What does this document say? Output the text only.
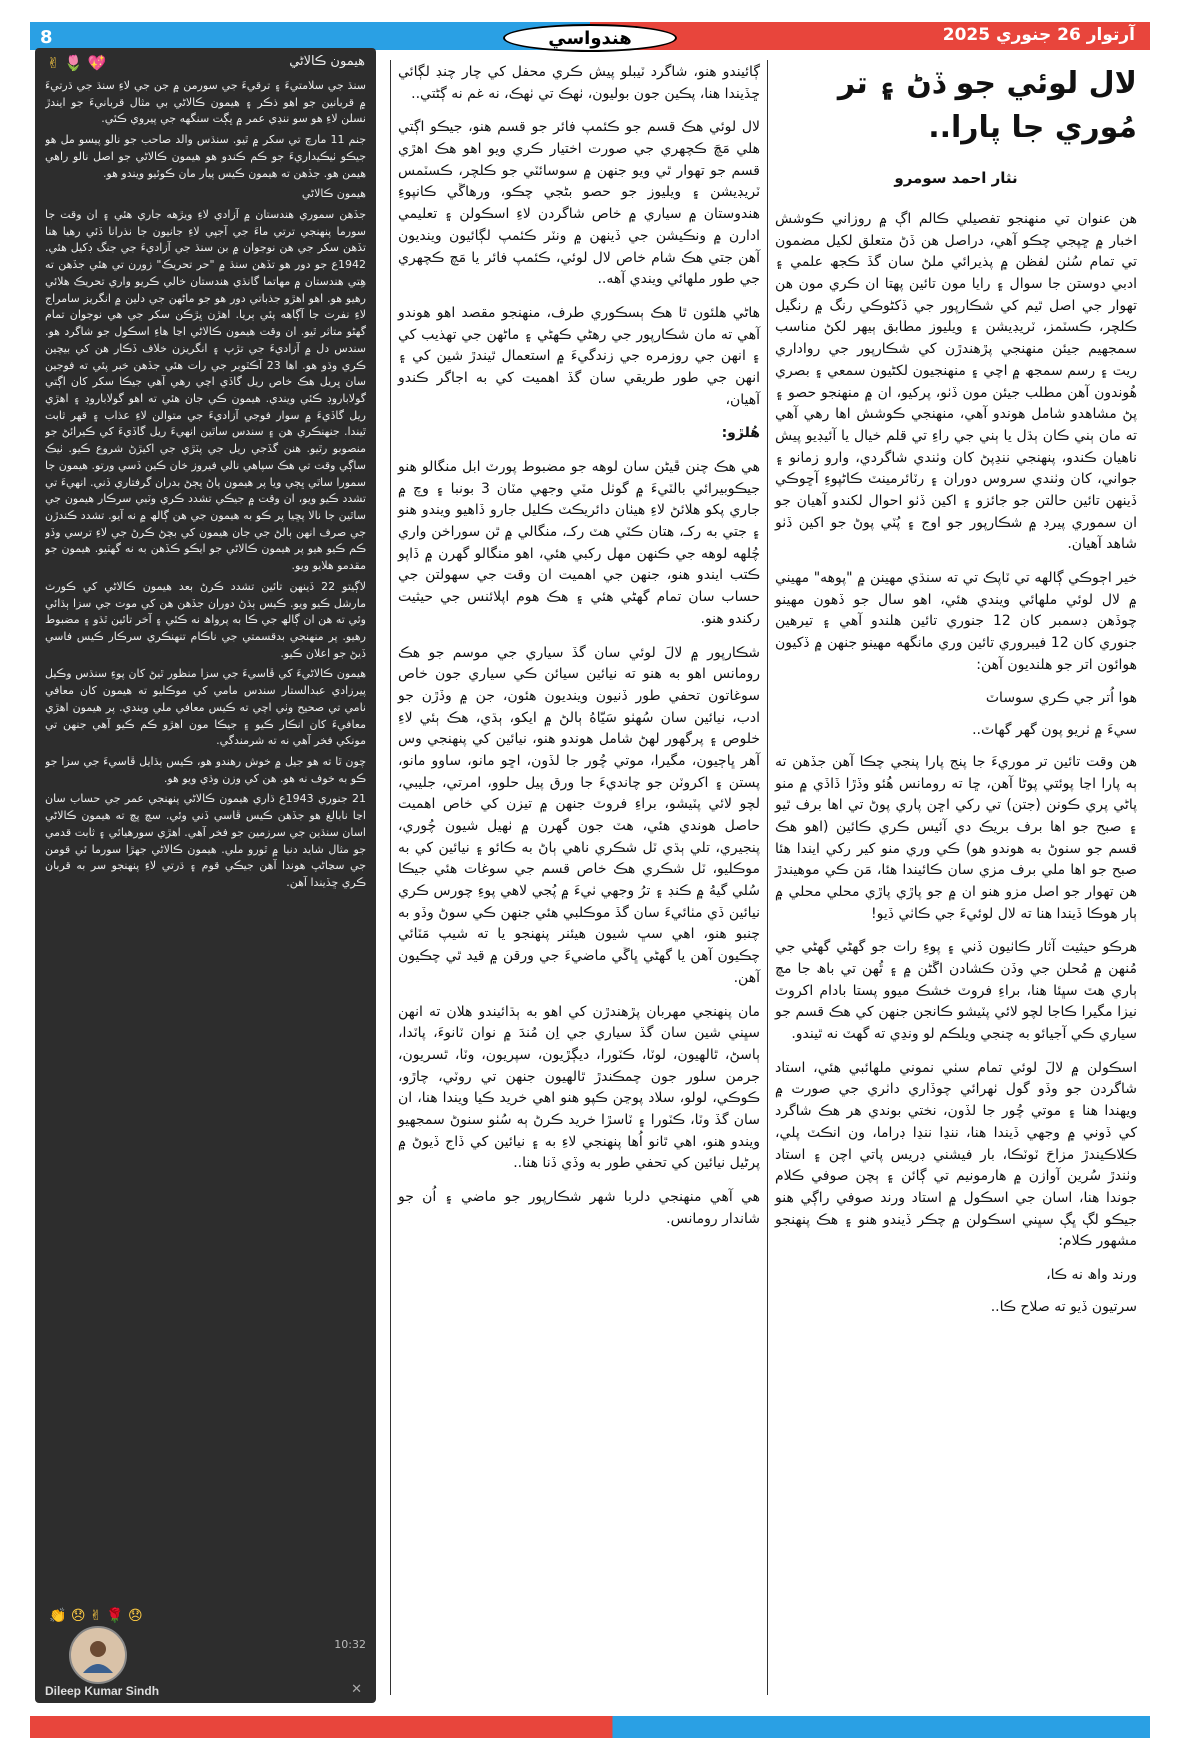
8	هندواسي	آرتوار 26 جنوري 2025
هيمون ڪالاڻي
✌ 🌷 💖

سنڌ جي سلامتيءَ ۽ ترقيءَ جي سورمن ۾ جن جي لاءِ سنڌ جي ڌرتيءَ ۾ قربانين جو اهو ذڪر ۽ هيمون ڪالاڻي بي مثال قربانيءَ جو ايندڙ نسلن لاءِ هو سو ننڍي عمر ۾ ڀڳت سنگهه جي پيروي ڪئي.

جنم 11 مارچ تي سکر ۾ ٿيو. سنڌس والد صاحب جو نالو پيسو مل هو جيڪو ٺيڪيداريءَ جو ڪم ڪندو هو هيمون ڪالاڻي جو اصل نالو راهي هيمن هو. جڏهن ته هيمون ڪيس پيار مان ڪوئيو ويندو هو.

هيمون ڪالاڻي

جڏهن سموري هندستان ۾ آزادي لاءِ ويڙهه جاري هئي ۽ ان وقت جا سورما پنهنجي ترتي ماءَ جي آجپي لاءِ جانيون جا نذرانا ڏئي رهيا هنا تڏهن سکر جي هن نوجوان ۾ بن سنڌ جي آزاديءَ جي جنگ ڊکيل هئي. 1942ع جو دور هو تڏهن سنڌ ۾ "حر تحريڪ" زورن تي هئي جڏهن ته هِتي هندستان ۾ مهاتما گانڌي هندستان خالي ڪريو واري تحريڪ هلائي رهيو هو. اهو اهڙو جذباتي دور هو جو ماڻهن جي دلين ۾ انگريز سامراج لاءِ نفرت جا آڳاهه پئي ٻريا. اهڙن ڀڙڪن سکر جي هي نوجوان تمام گهڻو متاثر ٿيو. ان وقت هيمون ڪالاڻي اڃا هاءِ اسڪول جو شاگرد هو. سندس دل ۾ آزاديءَ جي تڙپ ۽ انگريزن خلاف ڏڪار هن کي بيچين ڪري وڌو هو. اها 23 آڪٽوبر جي رات هئي جڏهن خبر پئي ته فوجين سان ڀريل هڪ خاص ريل گاڏي اچي رهي آهي جيڪا سکر کان اڳتي گولاباروڊ ڪئي ويندي. هيمون ڪي جان هئي ته اهو گولاباروڊ ۽ اهڙي ريل گاڏيءَ ۾ سوار فوجي آزاديءَ جي متوالن لاءِ عذاب ۽ قهر ثابت ٿيندا. جنهنڪري هن ۽ سندس ساٿين انهيءَ ريل گاڏيءَ کي ڪيرائڻ جو منصوبو رٿيو. هنن گڏجي ريل جي پٽڙي جي اکيڙڻ شروع ڪيو. ٺيڪ ساڳي وقت تي هڪ سپاهي نالي فيروز خان ڪين ڏسي ورتو. هيمون جا سمورا ساٿي ڀڄي ويا پر هيمون پاڻ ڀڄڻ بدران گرفتاري ڏني. انهيءَ تي تشدد ڪيو ويو، ان وقت ۾ جيڪي تشدد ڪري وٽبي سرڪار هيمون جي ساٿين جا نالا پڇيا پر ڪو به هيمون جي هن ڳالھ ۾ نه آيو. تشدد ڪندڙن جي صرف انهن ٻالڻ جي جان هيمون کي بچڻ ڪرڻ جي لاءِ ترسي وڏو ڪم ڪيو هيو پر هيمون ڪالاڻي جو ايڪو ڪڏهن به نه گهٽيو. هيمون جو مقدمو هلايو ويو.

لاڳيتو 22 ڏينهن تائين تشدد ڪرڻ بعد هيمون ڪالاڻي کي ڪورٽ مارشل ڪيو ويو. ڪيس ٻڌڻ دوران جڏهن هن کي موت جي سزا ٻڌائي وئي ته هن ان ڳالھ جي ڪا به پرواھ نه ڪئي ۽ آخر تائين ٿڌو ۽ مضبوط رهيو. پر منهنجي بدقسمتي جي ناڪام تنهنڪري سرڪار ڪيس فاسي ڏيڻ جو اعلان ڪيو.

هيمون ڪالاڻيءَ کي ڦاسيءَ جي سزا منظور ٿيڻ کان پوءِ سنڌس وڪيل پيرزادي عبدالستار سندس مامي کي موڪليو ته هيمون کان معافي نامي تي صحيح وٺي اچي ته ڪيس معافي ملي ويندي. پر هيمون اهڙي معافيءَ کان انڪار ڪيو ۽ جيڪا مون اهڙو ڪم ڪيو آهي جنهن تي مونکي فخر آهي نه ته شرمندگي.

چون ٿا ته هو جيل ۾ خوش رهندو هو، ڪيس ٻڌايل ڦاسيءَ جي سزا جو ڪو به خوف نه هو. هن کي وزن وڌي ويو هو.

21 جنوري 1943ع ڌاري هيمون ڪالاڻي پنهنجي عمر جي حساب سان اڃا نابالغ هو جڏهن ڪيس ڦاسي ڏني وئي. سچ پچ ته هيمون ڪالاڻي اسان سنڌين جي سرزمين جو فخر آهي. اهڙي سورهيائي ۽ ثابت قدمي جو مثال شايد دنيا ۾ ٿورو ملي. هيمون ڪالاڻي جهڙا سورما ئي قومن جي سڃاڻپ هوندا آهن جيڪي قوم ۽ ڌرتي لاءِ پنهنجو سر به قربان ڪري ڇڏيندا آهن.

👏 😞 ✌ 🌹 😞
10:32
Dileep Kumar Sindh	✕
لال لوئي جو ڏڻ ۽ تر مُوري جا پارا..
نثار احمد سومرو

هن عنوان تي منهنجو تفصيلي ڪالم اڳ ۾ روزاني ڪوشش اخبار ۾ ڇپجي چڪو آهي، دراصل هن ڏڻ متعلق لکيل مضمون تي تمام سُٺن لفظن ۾ پذيرائي ملڻ سان گڏ ڪجھ علمي ۽ ادبي دوستن جا سوال ۽ رايا مون تائين پهتا ان ڪري مون هن تهوار جي اصل ٿيم کي شڪارپور جي ڏکڻوڪي رنگ ۾ رنگيل ڪلچر، ڪسٽمز، ٽريڊيشن ۽ ويليوز مطابق ٻيهر لکڻ مناسب سمجھيم جيئن منهنجي پڙهندڙن کي شڪارپور جي رواداري ريت ۽ رسم سمجھ ۾ اچي ۽ منهنجيون لکڻيون سمعي ۽ بصري هُوندون آهن مطلب جيئن مون ڏٺو، پرکيو، ان ۾ منهنجو حصو ۽ پڻ مشاهدو شامل هوندو آهي، منهنجي ڪوشش اها رهي آهي ته مان ٻني ڪان ٻڌل يا ٻني جي راءِ تي قلم خيال يا آئيڊيو پيش ناهيان ڪندو، پنهنجي ننڍپڻ کان وٺندي شاگردي، وارو زمانو ۽ جواني، کان وٺندي سروس دوران ۽ رٽائرمينٽ ڪاڻپوءِ آڇوڪي ڏينهن تائين حالتن جو جائزو ۽ اکين ڏٺو احوال لکندو آهيان جو ان سموري پيرڊ ۾ شڪارپور جو اوج ۽ پُٽي پوڻ جو اکين ڏٺو شاهد آهيان.

خير اڄوڪي ڳالهه تي ٽاپڪ تي ته سنڌي مهينن ۾ "پوهه" مهيني ۾ لال لوئي ملهائي ويندي هئي، اهو سال جو ڏهون مهينو چوڏهن ڊسمبر کان 12 جنوري تائين هلندو آهي ۽ تيرهين جنوري کان 12 فيبروري تائين وري مانگهه مهينو جنهن ۾ ڏکيون هوائون اتر جو هلنديون آهن:

هوا اُتر جي ڪري سوساٽ

سيءَ ۾ ٺريو پون گهر گهاٽ..

هن وقت تائين تر موريءَ جا پنج پارا پنجي چڪا آهن جڏهن ته ٻه پارا اڃا پوئتي پوڻا آهن، ڇا ته رومانس هُئو وڏڙا ڏاڏي ۾ منو پاڻي پري ڪونن (جتن) تي رکي اڇن پاري پوڻ تي اها برف ٿيو ۽ صبح جو اها برف بريڪ دي آئيس ڪري ڪائين (اهو هڪ قسم جو سنوڻ به هوندو هو) ڪي وري منو کير رکي ايندا هئا صبح جو اها ملي برف مزي سان ڪائيندا هئا، مَن ڪي موهيندڙ هن تهوار جو اصل مزو هنو ان ۾ جو پاڙي پاڙي محلي محلي ۾ ٻار هوڪا ڏيندا هنا ته لال لوئيءَ جي ڪاٺي ڏيو!

هرڪو حيثيت آثار ڪاٺيون ڏني ۽ پوءِ رات جو گهڻي گهڻي جي مُنهن ۾ مُحلن جي وڏن ڪشادن اڱڻن ۾ ۽ ٿُهن تي باھ جا مچ ٻاري هٽ سڀئا هنا، براءِ فروٽ خشڪ ميوو پستا بادام اکروٽ نيزا مگيرا ڪاجا لچو لائي پٽيشو ڪانجن جنهن کي هڪ قسم جو سياري ڪي آجيائو به چنجي ويلڪم لو ونڍي ته گهٽ نه ٿيندو.

اسڪولن ۾ لالَ لوئي تمام سٺي نموني ملهائبي هئي، استاد شاگردن جو وڏو گول ٺهرائي چوڏاري داٺري جي صورت ۾ ويهندا هنا ۽ موتي چُور جا لڏون، نختي بوندي هر هڪ شاگرد کي ڏوني ۾ وجھي ڏيندا هنا، ننڍا ننڍا ڊراما، ون انڪٽ پلي، ڪلاڪيندڙ مزاحَ ٽوٽڪا، بار فيشني ڊريس پاتي اچن ۽ استاد وٺندڙ سُرين آوازن ۾ هارمونيم تي ڳائن ۽ ٻچن صوفي ڪلام جوندا هنا، اسان جي اسڪول ۾ استاد ورند صوفي راڳي هنو جيڪو لڳ ڀڳ سڀني اسڪولن ۾ چڪر ڏيندو هنو ۽ هڪ پنهنجو مشهور ڪلام:

ورند واھ نه ڪا،

سرتيون ڏيو ته صلاح ڪا..

ڳائيندو هنو، شاگرد ٽيبلو پيش ڪري محفل کي چار چنڊ لڳائي ڇڏيندا هنا، پڪين جون بوليون، ٺهڪ تي ٺهڪ، نه غم نه ڳڻتي..

لال لوئي هڪ قسم جو ڪئمپ فائر جو قسم هنو، جيڪو اڳتي هلي مَچَ ڪچهري جي صورت اختيار ڪري ويو اهو هڪ اهڙي قسم جو تهوار ٿي ويو جنهن ۾ سوسائٽي جو ڪلچر، ڪسٽمس ٽريڊيشن ۽ ويليوز جو حصو بڻجي چڪو، ورهاڱي ڪانپوءِ هندوستان ۾ سياري ۾ خاص شاگردن لاءِ اسڪولن ۽ تعليمي ادارن ۾ ونڪيشن جي ڏينهن ۾ ونٽر ڪئمپ لڳائيون وينديون آهن جتي هڪ شام خاص لال لوئي، ڪئمپ فائر يا مَچ ڪچهري جي طور ملهائي ويندي آهه..

هاڻي هلئون ٿا هڪ ٻسڪوري طرف، منهنجو مقصد اهو هوندو آهي ته مان شڪارپور جي رهڻي ڪهڻي ۽ ماڻهن جي تهذيب کي ۽ انهن جي روزمره جي زندگيءَ ۾ استعمال ٿيندڙ شين کي ۽ انهن جي طور طريقي سان گڏ اهميت کي به اجاگر ڪندو آهيان،

هُلڙو:

هي هڪ چنن ڦيڻن سان لوهه جو مضبوط پورٽ ابل منگالو هنو جيڪوبيرائي بالٽيءَ ۾ گوٺل مٽي وجهي مٽان 3 بونبا ۽ وچ ۾ جاري پکو هلائڻ لاءِ هيٺان دائريڪٽ ڪليل جارو ڏاهيو ويندو هنو ۽ جتي به رکـ، هتان ڪٽي هٽ رکـ، منگالي ۾ ٿن سوراخن واري چُلهه لوهه جي ڪنهن مهل رکبي هئي، اهو منگالو گهرن ۾ ڏاپو ڪتب ايندو هنو، جنهن جي اهميت ان وقت جي سهولتن جي حساب سان تمام گهڻي هئي ۽ هڪ هوم اپلائنس جي حيثيت رکندو هنو.

شڪارپور ۾ لالَ لوئي سان گڏ سياري جي موسم جو هڪ رومانس اهو به هنو ته نيائين سيائن ڪي سياري جون خاص سوغاتون تحفي طور ڏنيون وينديون هئون، جن ۾ وڏڙن جو ادب، نيائين سان سُهٺو سَيّاهُ ٻالڻ ۾ ايکو، ٻڌي، هڪ ٻئي لاءِ خلوص ۽ پرگهور لهڻ شامل هوندو هنو، نيائين کي پنهنجي وس آهر ڀاڄيون، مگيرا، موتي چُور جا لڏون، اڇو مانو، ساوو مانو، پستن ۽ اکروٽن جو چانديءَ جا ورق پيل حلوو، امرتي، جليبي، لچو لائي پٽيشو، براءِ فروٽ جنهن ۾ تيزن کي خاص اهميت حاصل هوندي هئي، هٽ جون گهرن ۾ ٺهيل شيون چُوري، پنجيري، تلي ٻڌي ٽل شڪري ناهي ٻاڻ به ڪائو ۽ نيائين کي به موڪليو، ٽل شڪري هڪ خاص قسم جي سوغات هئي جيڪا سُلي گيهُ ۾ ڪنڊ ۽ ترُ وجھي ٺيءَ ۾ پُجي لاهي پوءِ چورس ڪري نيائين ڏي مٺائيءَ سان گڏ موڪلبي هئي جنهن ڪي سوڻ وڏو به چنبو هنو، اهي سڀ شيون هيئنر پنهنجو يا ته شيپ مَٽائي چڪيون آهن يا گهڻي ڀاڱي ماضيءَ جي ورقن ۾ قيد ٿي چڪيون آهن.

مان پنهنجي مهربان پڙهندڙن کي اهو به ٻڌائيندو هلان ته انهن سڀني شين سان گڏ سياري جي اِن مُندَ ۾ نوان ٽانوءَ، پاٽدا، ٻاسڻ، ٿالهيون، لوٽا، ڪٽورا، ديڳڙيون، سپريون، وٽا، ٿسريون، جرمن سلور جون چمڪندڙ ٿالهيون جنهن تي روٽي، چاڙو، ڪوڪي، لولو، سلاد پوڃن ڪپو هنو اهي خريد ڪيا ويندا هنا، ان سان گڏ وٽا، ڪٽورا ۽ ٽاسڙا خريد ڪرڻ ٻه سُٺو سنوڻ سمجهيو ويندو هنو، اهي ٿانو اُها پنهنجي لاءِ به ۽ نيائين کي ڏاج ڏيوڻ ۾ پرڻيل نيائين کي تحفي طور به وڏي ڏنا هنا..

هي آهي منهنجي دلربا شهر شڪارپور جو ماضي ۽ اُن جو شاندار رومانس.
